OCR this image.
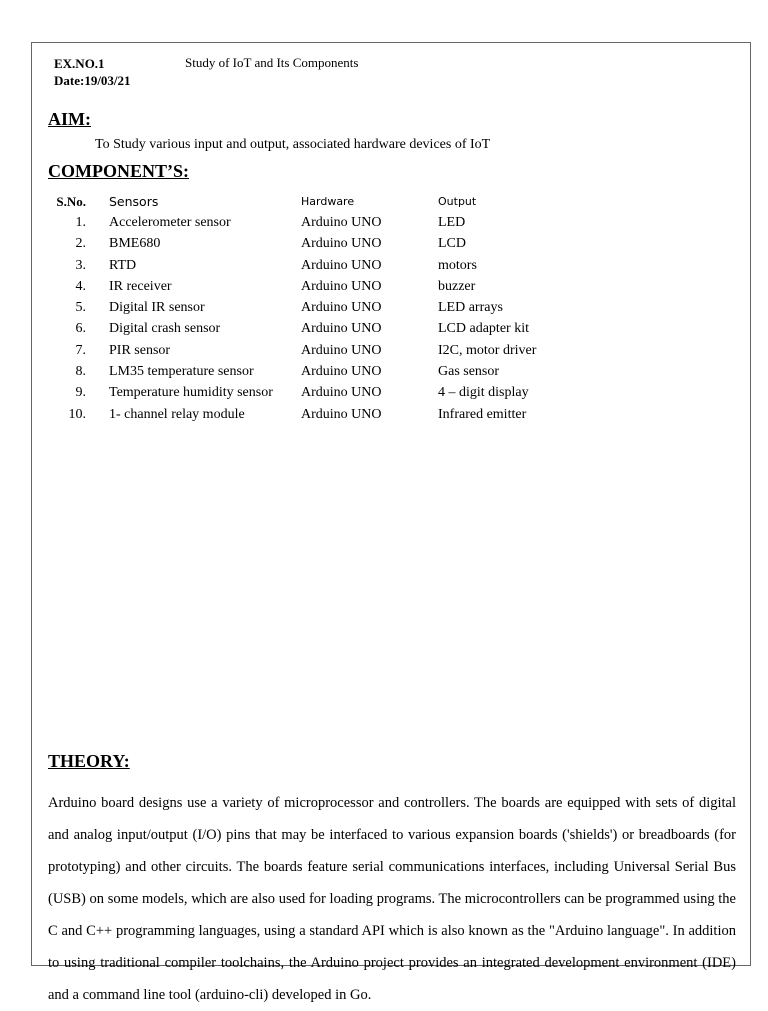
EX.NO.1
Date:19/03/21
Study of IoT and Its Components
AIM:
To Study various input and output, associated hardware devices of IoT
COMPONENT’S:
S.No.		Sensors	Hardware	Output
1.		Accelerometer sensor	Arduino UNO	LED
2.		BME680	Arduino UNO	LCD
3.		RTD	Arduino UNO	motors
4.		IR receiver	Arduino UNO	buzzer
5.		Digital IR sensor	Arduino UNO	LED arrays
6.		Digital crash sensor	Arduino UNO	LCD adapter kit
7.		PIR sensor	Arduino UNO	I2C, motor driver
8.		LM35 temperature sensor	Arduino UNO	Gas sensor
9.		Temperature humidity sensor	Arduino UNO	4 – digit display
10.		1- channel relay module	Arduino UNO	Infrared emitter
THEORY:
Arduino board designs use a variety of microprocessor and controllers. The boards are equipped with sets of digital and analog input/output (I/O) pins that may be interfaced to various expansion boards ('shields') or breadboards (for prototyping) and other circuits. The boards feature serial communications interfaces, including Universal Serial Bus (USB) on some models, which are also used for loading programs. The microcontrollers can be programmed using the C and C++ programming languages, using a standard API which is also known as the "Arduino language". In addition to using traditional compiler toolchains, the Arduino project provides an integrated development environment (IDE) and a command line tool (arduino-cli) developed in Go.
